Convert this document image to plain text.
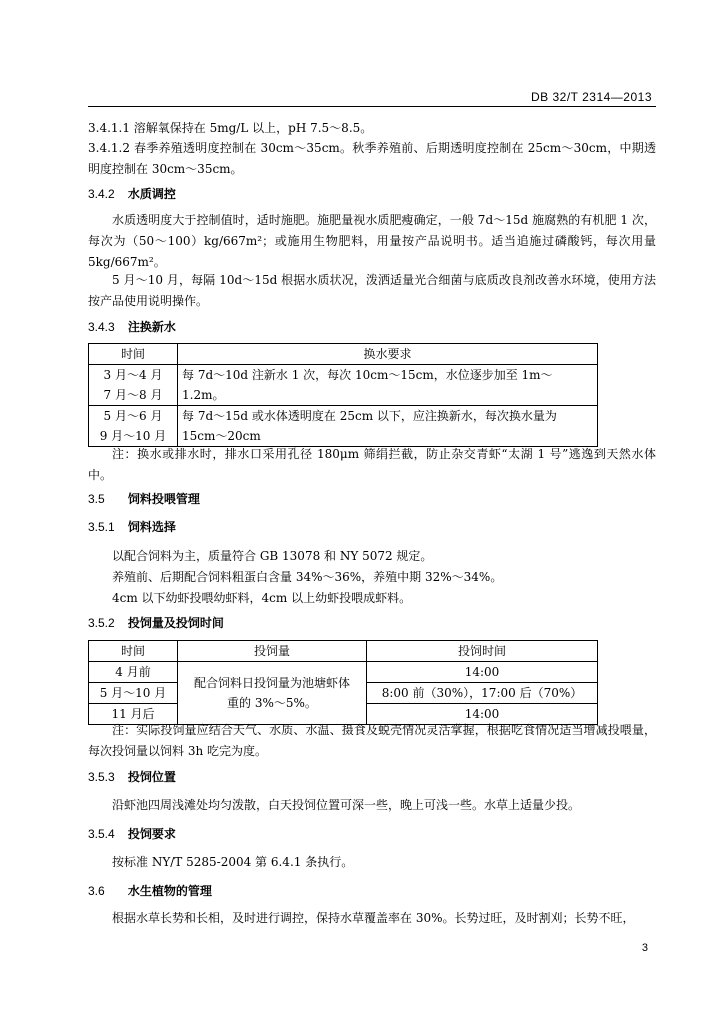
DB 32/T 2314—2013
3.4.1.1 溶解氧保持在 5mg/L 以上，pH 7.5～8.5。
3.4.1.2 春季养殖透明度控制在 30cm～35cm。秋季养殖前、后期透明度控制在 25cm～30cm，中期透明度控制在 30cm～35cm。
3.4.2 水质调控
水质透明度大于控制值时，适时施肥。施肥量视水质肥瘦确定，一般 7d～15d 施腐熟的有机肥 1 次，每次为（50～100）kg/667m²；或施用生物肥料，用量按产品说明书。适当追施过磷酸钙，每次用量 5kg/667m²。
5 月～10 月，每隔 10d～15d 根据水质状况，泼洒适量光合细菌与底质改良剂改善水环境，使用方法按产品使用说明操作。
3.4.3 注换新水
时间	换水要求

3 月～4 月
7 月～8 月	每 7d～10d 注新水 1 次，每次 10cm～15cm，水位逐步加至 1m～1.2m。

5 月～6 月
9 月～10 月	每 7d～15d 或水体透明度在 25cm 以下，应注换新水，每次换水量为 15cm～20cm
注：换水或排水时，排水口采用孔径 180μm 筛绢拦截，防止杂交青虾“太湖 1 号”逃逸到天然水体中。
3.5 饲料投喂管理
3.5.1 饲料选择
以配合饲料为主，质量符合 GB 13078 和 NY 5072 规定。
养殖前、后期配合饲料粗蛋白含量 34%～36%，养殖中期 32%～34%。
4cm 以下幼虾投喂幼虾料，4cm 以上幼虾投喂成虾料。
3.5.2 投饲量及投饲时间
时间	投饲量	投饲时间
4 月前	配合饲料日投饲量为池塘虾体重的 3%～5%。	14:00
5 月～10 月		8:00 前（30%），17:00 后（70%）
11 月后		14:00
注：实际投饲量应结合天气、水质、水温、摄食及蜕壳情况灵活掌握，根据吃食情况适当增减投喂量，每次投饲量以饲料 3h 吃完为度。
3.5.3 投饲位置
沿虾池四周浅滩处均匀泼散，白天投饲位置可深一些，晚上可浅一些。水草上适量少投。
3.5.4 投饲要求
按标准 NY/T 5285-2004 第 6.4.1 条执行。
3.6 水生植物的管理
根据水草长势和长相，及时进行调控，保持水草覆盖率在 30%。长势过旺，及时割刈；长势不旺，
3
